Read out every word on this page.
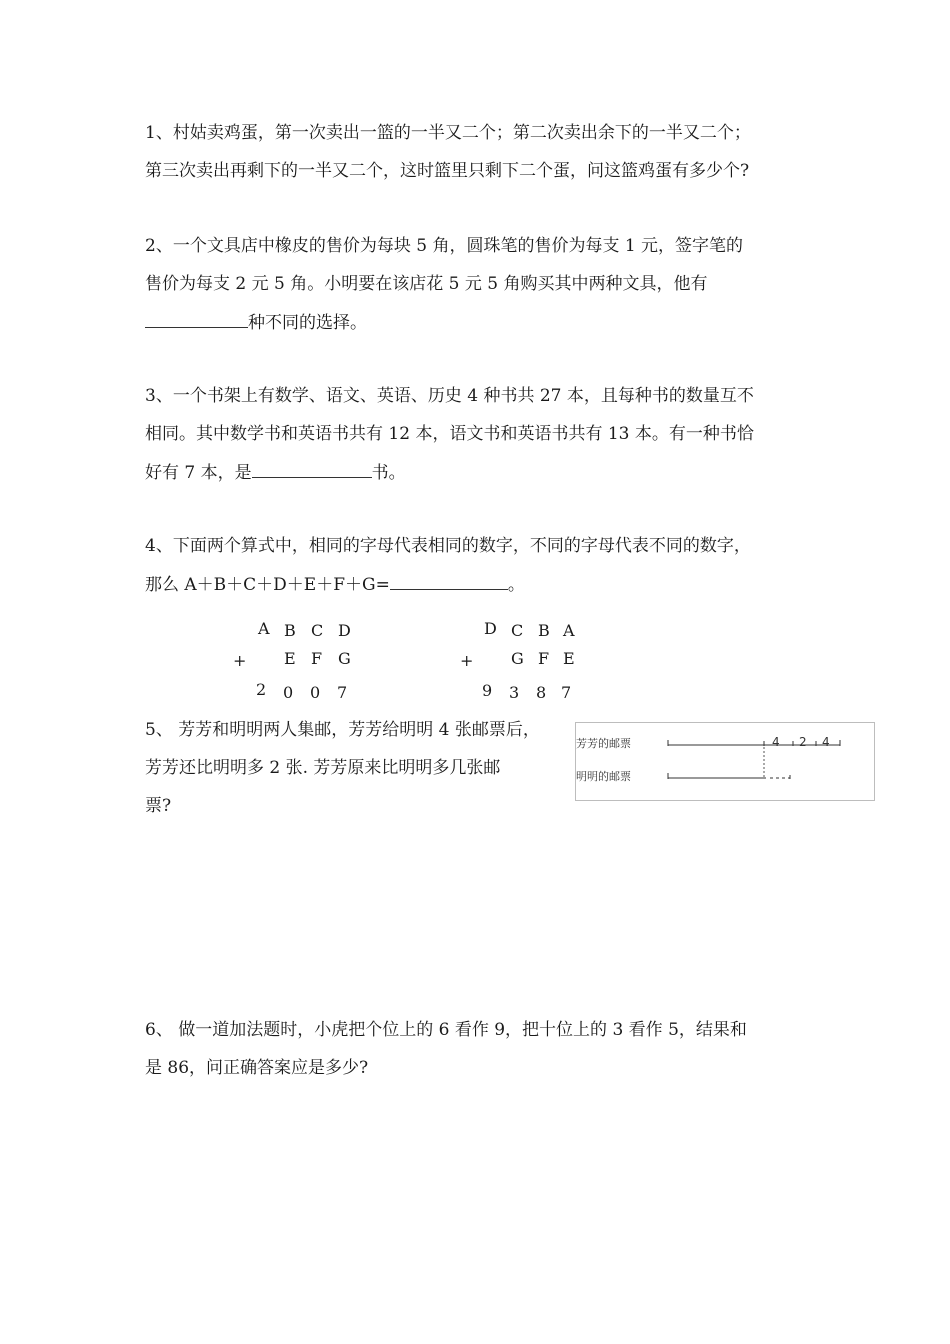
1、村姑卖鸡蛋，第一次卖出一篮的一半又二个；第二次卖出余下的一半又二个；
第三次卖出再剩下的一半又二个，这时篮里只剩下二个蛋，问这篮鸡蛋有多少个?
2、一个文具店中橡皮的售价为每块 5 角，圆珠笔的售价为每支 1 元，签字笔的
售价为每支 2 元 5 角。小明要在该店花 5 元 5 角购买其中两种文具，他有
种不同的选择。
3、一个书架上有数学、语文、英语、历史 4 种书共 27 本，且每种书的数量互不
相同。其中数学书和英语书共有 12 本，语文书和英语书共有 13 本。有一种书恰
好有 7 本，是	书。
4、下面两个算式中，相同的字母代表相同的数字，不同的字母代表不同的数字，
那么 A＋B＋C＋D＋E＋F＋G=	。
A B C D
+ E F G
2 0 0 7
D C B A
+ G F E
9 3 8 7
5、 芳芳和明明两人集邮，芳芳给明明 4 张邮票后，
芳芳还比明明多 2 张. 芳芳原来比明明多几张邮
票?
芳芳的邮票
明明的邮票
4 2 4
6、 做一道加法题时，小虎把个位上的 6 看作 9，把十位上的 3 看作 5，结果和
是 86，问正确答案应是多少?
